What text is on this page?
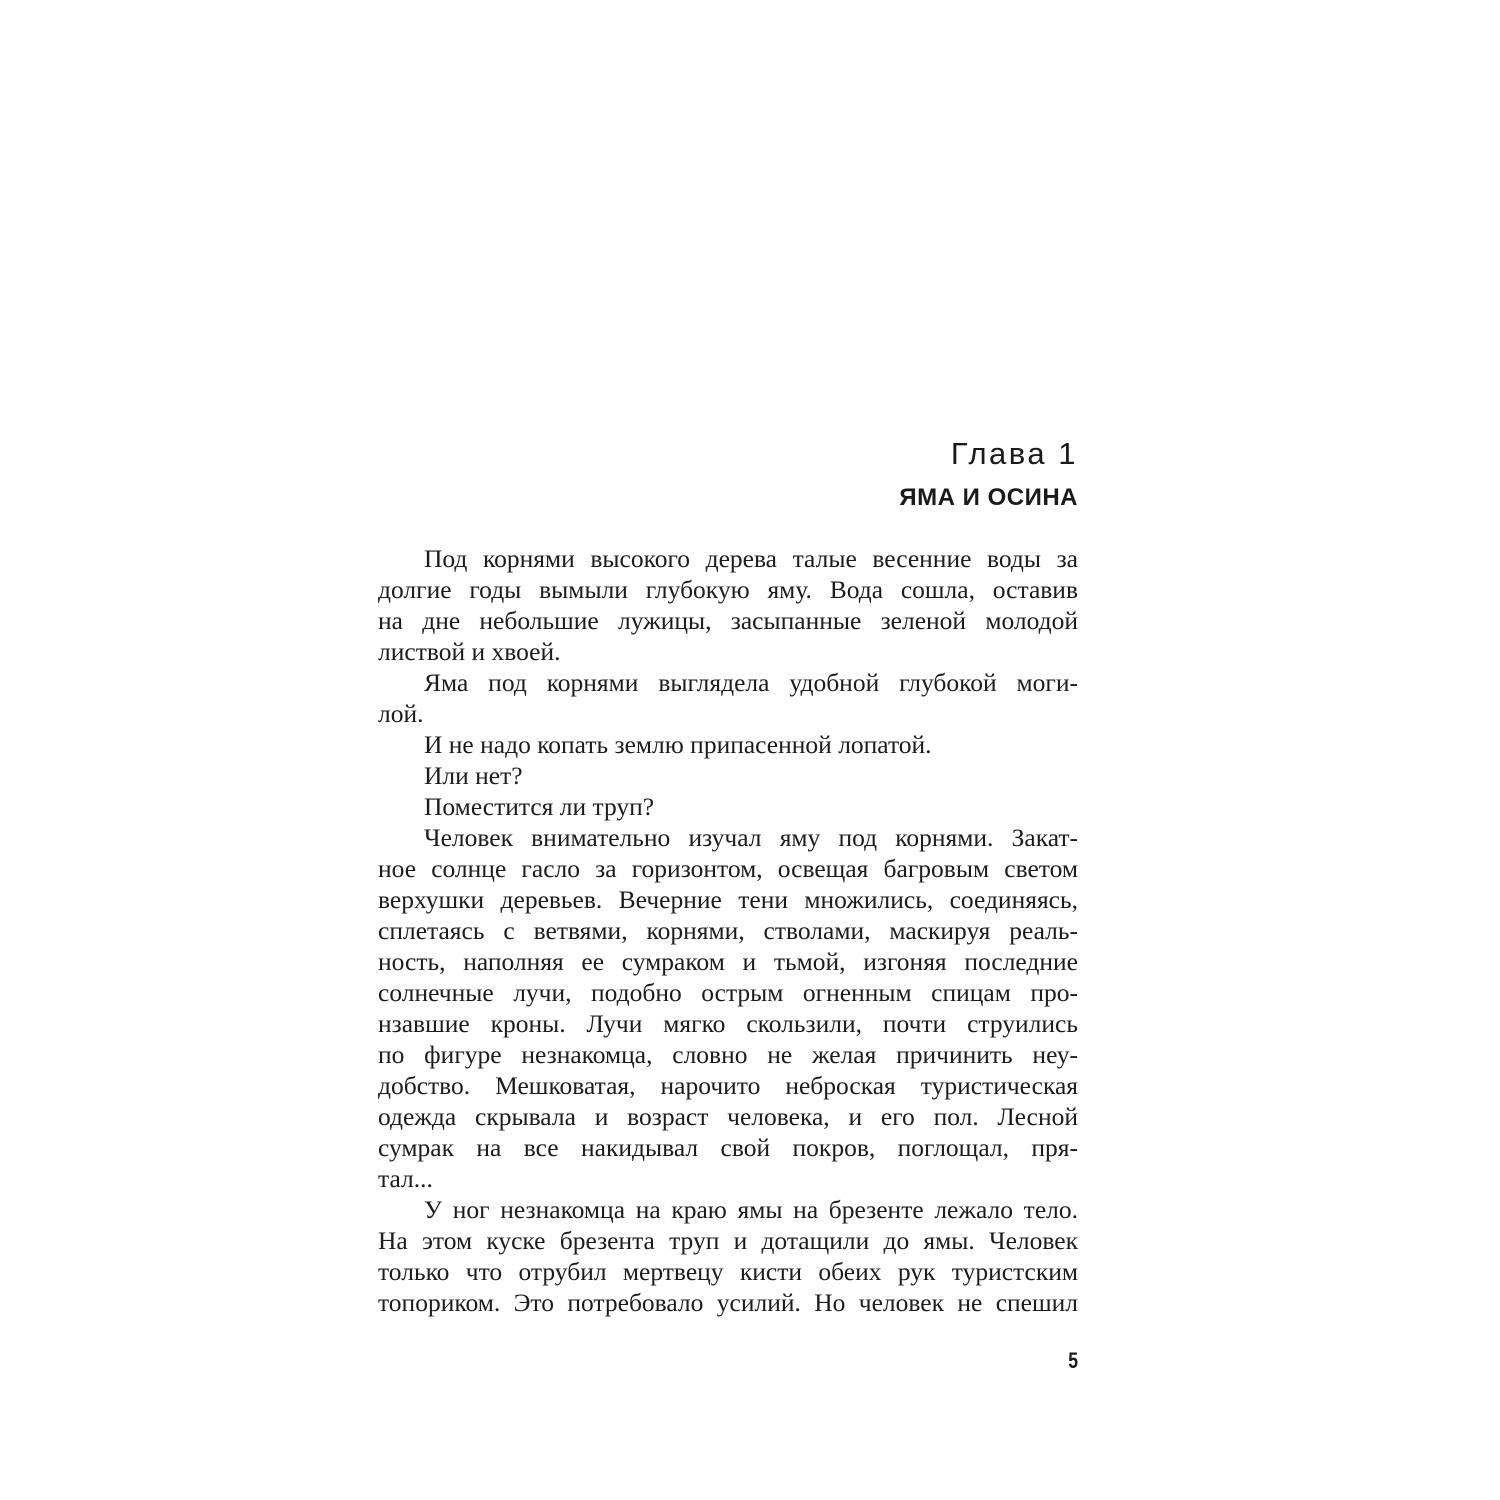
Глава 1
ЯМА И ОСИНА
Под корнями высокого дерева талые весенние воды за
долгие годы вымыли глубокую яму. Вода сошла, оставив
на дне небольшие лужицы, засыпанные зеленой молодой
листвой и хвоей.
Яма под корнями выглядела удобной глубокой моги-
лой.
И не надо копать землю припасенной лопатой.
Или нет?
Поместится ли труп?
Человек внимательно изучал яму под корнями. Закат-
ное солнце гасло за горизонтом, освещая багровым светом
верхушки деревьев. Вечерние тени множились, соединяясь,
сплетаясь с ветвями, корнями, стволами, маскируя реаль-
ность, наполняя ее сумраком и тьмой, изгоняя последние
солнечные лучи, подобно острым огненным спицам про-
нзавшие кроны. Лучи мягко скользили, почти струились
по фигуре незнакомца, словно не желая причинить неу-
добство. Мешковатая, нарочито неброская туристическая
одежда скрывала и возраст человека, и его пол. Лесной
сумрак на все накидывал свой покров, поглощал, пря-
тал...
У ног незнакомца на краю ямы на брезенте лежало тело.
На этом куске брезента труп и дотащили до ямы. Человек
только что отрубил мертвецу кисти обеих рук туристским
топориком. Это потребовало усилий. Но человек не спешил
5
